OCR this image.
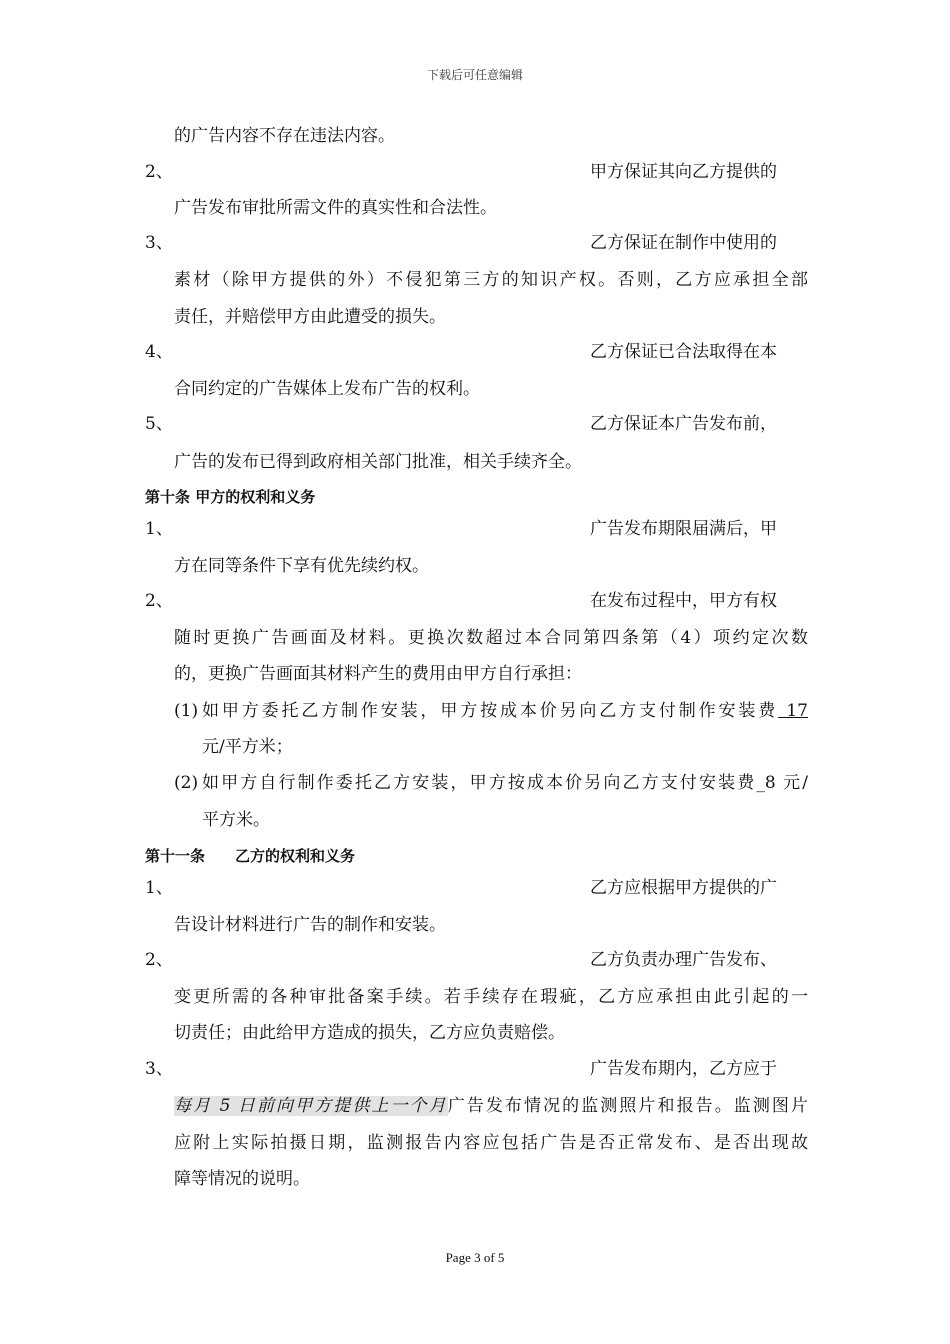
下载后可任意编辑
的广告内容不存在违法内容。
2、	甲方保证其向乙方提供的
广告发布审批所需文件的真实性和合法性。
3、	乙方保证在制作中使用的
素材（除甲方提供的外）不侵犯第三方的知识产权。否则，乙方应承担全部
责任，并赔偿甲方由此遭受的损失。
4、	乙方保证已合法取得在本
合同约定的广告媒体上发布广告的权利。
5、	乙方保证本广告发布前，
广告的发布已得到政府相关部门批准，相关手续齐全。
第十条 甲方的权利和义务
1、	广告发布期限届满后，甲
方在同等条件下享有优先续约权。
2、	在发布过程中，甲方有权
随时更换广告画面及材料。更换次数超过本合同第四条第（4）项约定次数
的，更换广告画面其材料产生的费用由甲方自行承担：
(1) 如甲方委托乙方制作安装，甲方按成本价另向乙方支付制作安装费 17
元/平方米；
(2) 如甲方自行制作委托乙方安装，甲方按成本价另向乙方支付安装费_8 元/
平方米。
第十一条 乙方的权利和义务
1、	乙方应根据甲方提供的广
告设计材料进行广告的制作和安装。
2、	乙方负责办理广告发布、
变更所需的各种审批备案手续。若手续存在瑕疵，乙方应承担由此引起的一
切责任；由此给甲方造成的损失，乙方应负责赔偿。
3、	广告发布期内，乙方应于
每月 5 日前向甲方提供上一个月广告发布情况的监测照片和报告。监测图片
应附上实际拍摄日期，监测报告内容应包括广告是否正常发布、是否出现故
障等情况的说明。
Page 3 of 5
